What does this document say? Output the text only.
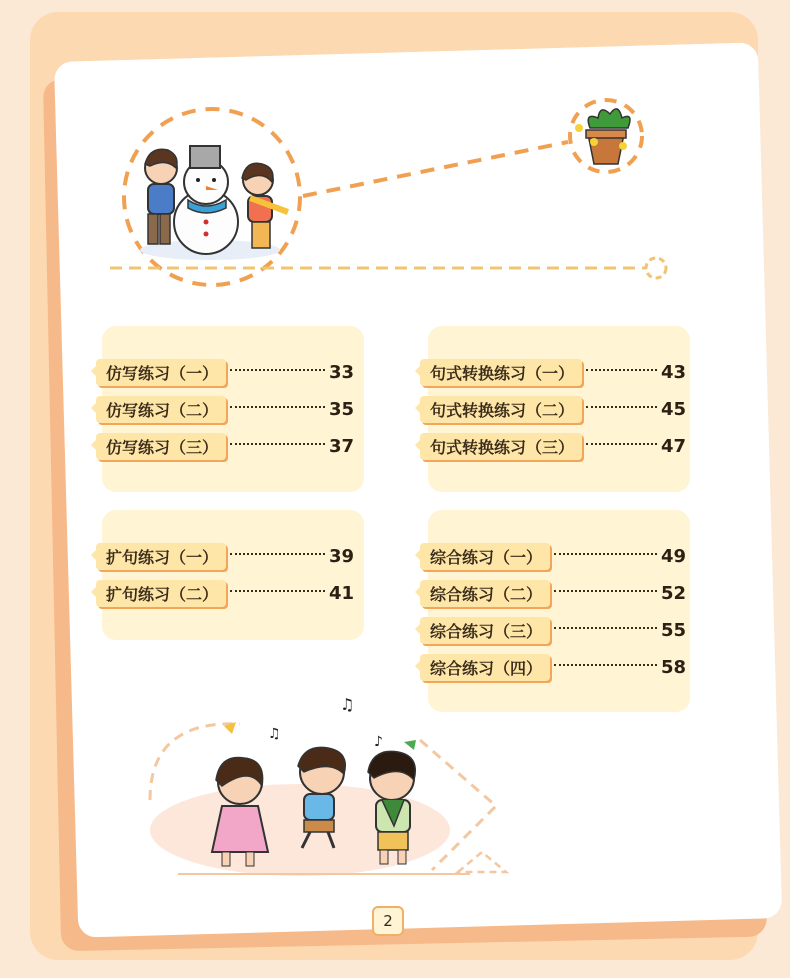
♫
♫	♪
仿写练习（一）	33
仿写练习（二）	35
仿写练习（三）	37
句式转换练习（一）	43
句式转换练习（二）	45
句式转换练习（三）	47
扩句练习（一）	39
扩句练习（二）	41
综合练习（一）	49
综合练习（二）	52
综合练习（三）	55
综合练习（四）	58
2
